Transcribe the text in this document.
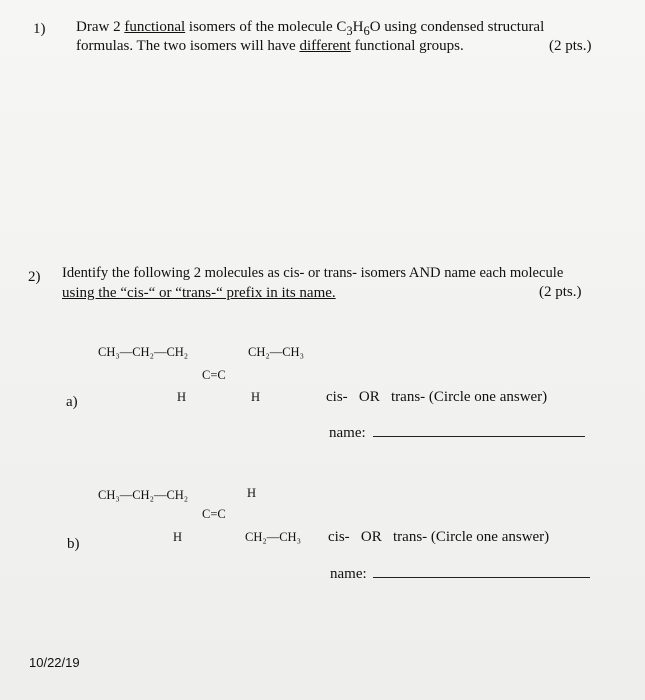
1) Draw 2 functional isomers of the molecule $C_3H_6O$ using condensed structural
formulas. The two isomers will have different functional groups.	(2 pts.)
2) Identify the following 2 molecules as cis- or trans- isomers AND name each molecule
using the “cis-“ or “trans-“ prefix in its name.	(2 pts.)
CH₃—CH₂—CH₂	CH₂—CH₃
C=C
H	H
a)	cis-   OR   trans- (Circle one answer)
name:
CH₃—CH₂—CH₂	H
C=C
H	CH₂—CH₃
b)	cis-   OR   trans- (Circle one answer)
name:
10/22/19
